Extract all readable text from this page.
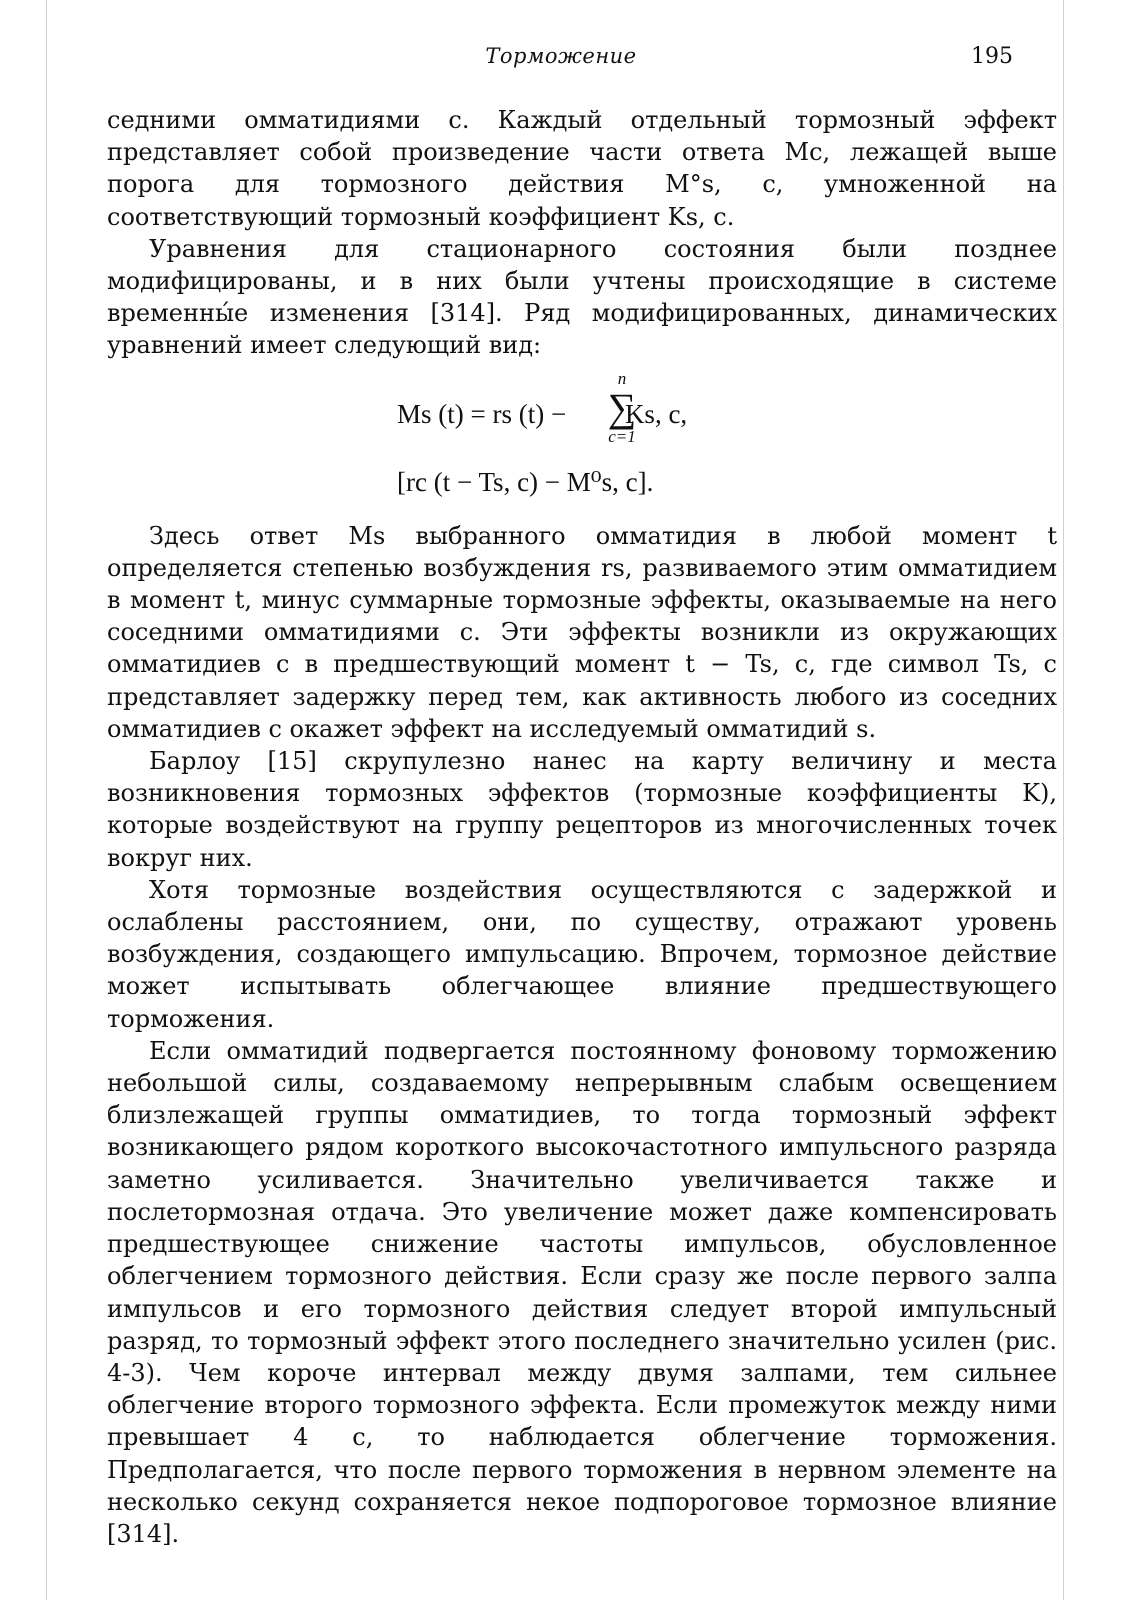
Торможение	195

седними омматидиями c. Каждый отдельный тормозный эффект представляет собой произведение части ответа Mc, лежащей выше порога для тормозного действия M°s, c, умноженной на соответствующий тормозный коэффициент Ks, c.

Уравнения для стационарного состояния были позднее модифицированы, и в них были учтены происходящие в системе временны́е изменения [314]. Ряд модифицированных, динамических уравнений имеет следующий вид:

Ms (t) = rs (t) − Ks, c,
n
∑
c=1
[rc (t − Ts, c) − M⁰s, c].

Здесь ответ Ms выбранного омматидия в любой момент t определяется степенью возбуждения rs, развиваемого этим омматидием в момент t, минус суммарные тормозные эффекты, оказываемые на него соседними омматидиями c. Эти эффекты возникли из окружающих омматидиев c в предшествующий момент t − Ts, c, где символ Ts, c представляет задержку перед тем, как активность любого из соседних омматидиев c окажет эффект на исследуемый омматидий s.

Барлоу [15] скрупулезно нанес на карту величину и места возникновения тормозных эффектов (тормозные коэффициенты K), которые воздействуют на группу рецепторов из многочисленных точек вокруг них.

Хотя тормозные воздействия осуществляются с задержкой и ослаблены расстоянием, они, по существу, отражают уровень возбуждения, создающего импульсацию. Впрочем, тормозное действие может испытывать облегчающее влияние предшествующего торможения.

Если омматидий подвергается постоянному фоновому торможению небольшой силы, создаваемому непрерывным слабым освещением близлежащей группы омматидиев, то тогда тормозный эффект возникающего рядом короткого высокочастотного импульсного разряда заметно усиливается. Значительно увеличивается также и послетормозная отдача. Это увеличение может даже компенсировать предшествующее снижение частоты импульсов, обусловленное облегчением тормозного действия. Если сразу же после первого залпа импульсов и его тормозного действия следует второй импульсный разряд, то тормозный эффект этого последнего значительно усилен (рис. 4-3). Чем короче интервал между двумя залпами, тем сильнее облегчение второго тормозного эффекта. Если промежуток между ними превышает 4 с, то наблюдается облегчение торможения. Предполагается, что после первого торможения в нервном элементе на несколько секунд сохраняется некое подпороговое тормозное влияние [314].
